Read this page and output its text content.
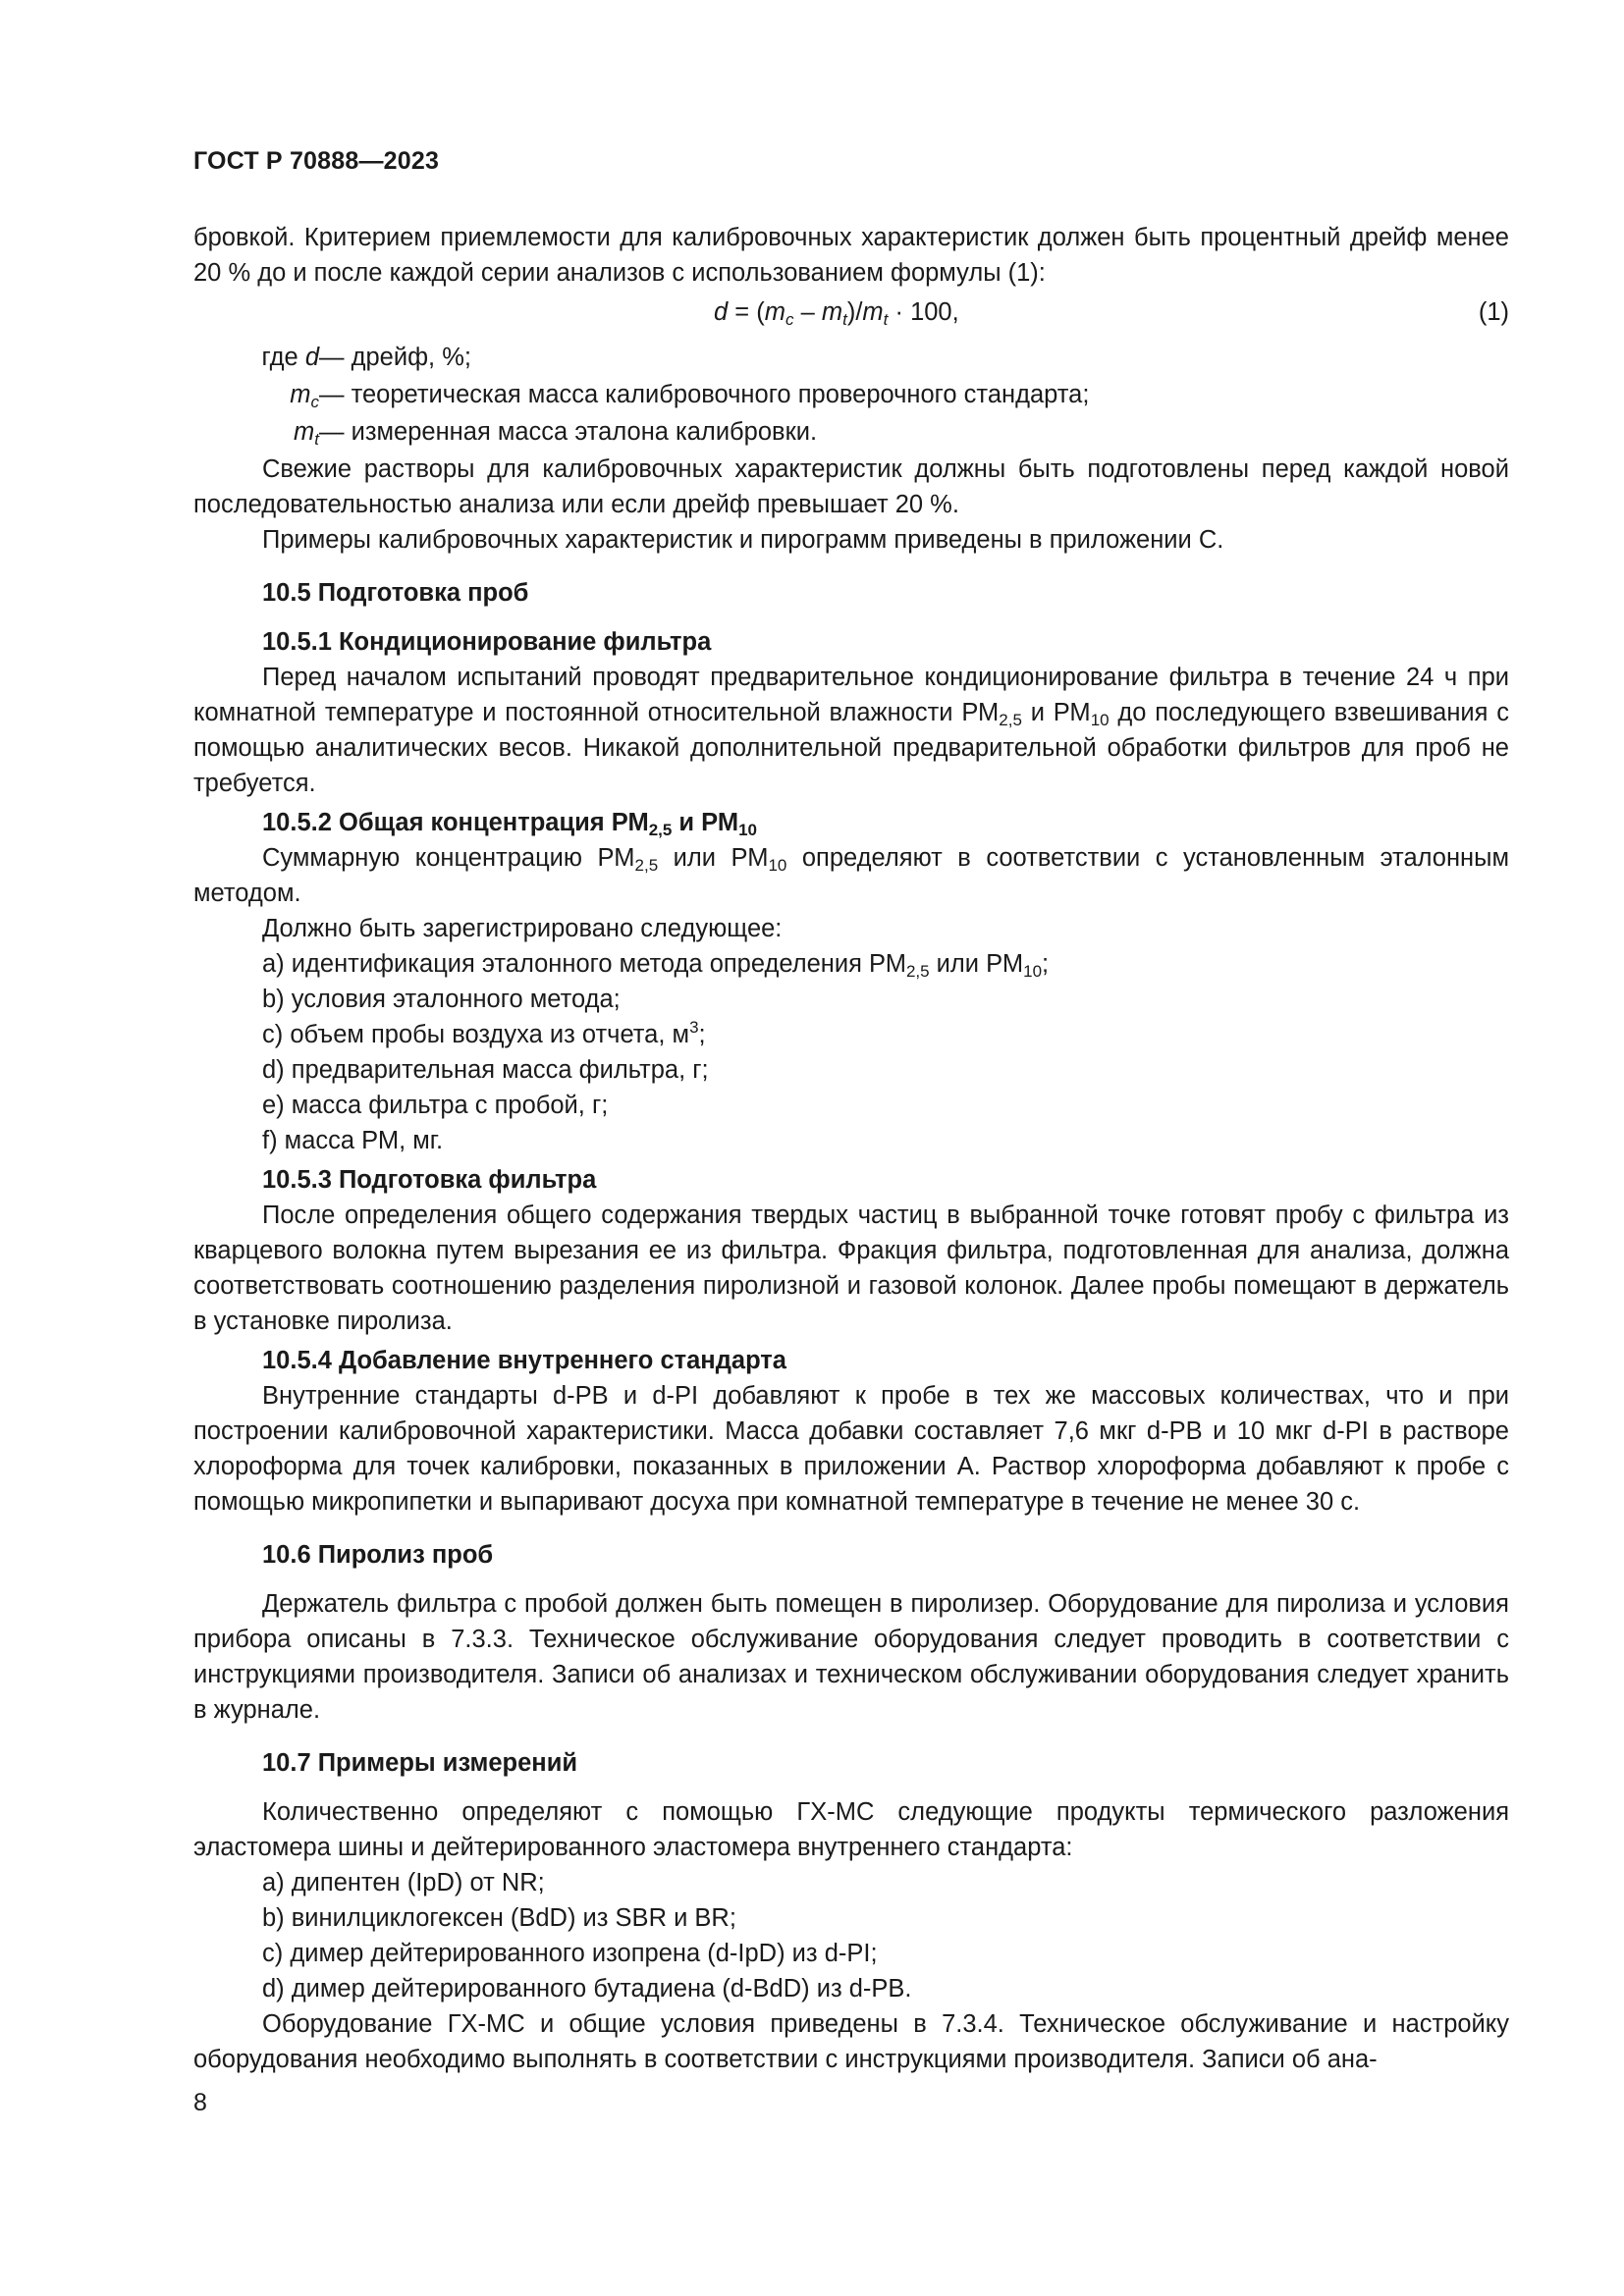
ГОСТ Р 70888—2023

бровкой. Критерием приемлемости для калибровочных характеристик должен быть процентный дрейф менее 20 % до и после каждой серии анализов с использованием формулы (1):

$d = (m_c - m_t)/m_t \cdot 100$,	(1)
где d — дрейф, %;
$m_c$ — теоретическая масса калибровочного проверочного стандарта;
$m_t$ — измеренная масса эталона калибровки.

Свежие растворы для калибровочных характеристик должны быть подготовлены перед каждой новой последовательностью анализа или если дрейф превышает 20 %.

Примеры калибровочных характеристик и пирограмм приведены в приложении С.

10.5 Подготовка проб

10.5.1 Кондиционирование фильтра

Перед началом испытаний проводят предварительное кондиционирование фильтра в течение 24 ч при комнатной температуре и постоянной относительной влажности $РМ_{2,5}$ и $РМ_{10}$ до последующего взвешивания с помощью аналитических весов. Никакой дополнительной предварительной обработки фильтров для проб не требуется.

10.5.2 Общая концентрация $РМ_{2,5}$ и $РМ_{10}$

Суммарную концентрацию $РМ_{2,5}$ или $РМ_{10}$ определяют в соответствии с установленным эталонным методом.

Должно быть зарегистрировано следующее:

a) идентификация эталонного метода определения $РМ_{2,5}$ или $РМ_{10}$;

b) условия эталонного метода;

c) объем пробы воздуха из отчета, $м^3$;

d) предварительная масса фильтра, г;

e) масса фильтра с пробой, г;

f) масса РМ, мг.

10.5.3 Подготовка фильтра

После определения общего содержания твердых частиц в выбранной точке готовят пробу с фильтра из кварцевого волокна путем вырезания ее из фильтра. Фракция фильтра, подготовленная для анализа, должна соответствовать соотношению разделения пиролизной и газовой колонок. Далее пробы помещают в держатель в установке пиролиза.

10.5.4 Добавление внутреннего стандарта

Внутренние стандарты d-PB и d-PI добавляют к пробе в тех же массовых количествах, что и при построении калибровочной характеристики. Масса добавки составляет 7,6 мкг d-PB и 10 мкг d-PI в растворе хлороформа для точек калибровки, показанных в приложении А. Раствор хлороформа добавляют к пробе с помощью микропипетки и выпаривают досуха при комнатной температуре в течение не менее 30 с.

10.6 Пиролиз проб

Держатель фильтра с пробой должен быть помещен в пиролизер. Оборудование для пиролиза и условия прибора описаны в 7.3.3. Техническое обслуживание оборудования следует проводить в соответствии с инструкциями производителя. Записи об анализах и техническом обслуживании оборудования следует хранить в журнале.

10.7 Примеры измерений

Количественно определяют с помощью ГХ-МС следующие продукты термического разложения эластомера шины и дейтерированного эластомера внутреннего стандарта:

a) дипентен (IpD) от NR;

b) винилциклогексен (BdD) из SBR и BR;

c) димер дейтерированного изопрена (d-IpD) из d-PI;

d) димер дейтерированного бутадиена (d-BdD) из d-PB.

Оборудование ГХ-МС и общие условия приведены в 7.3.4. Техническое обслуживание и настройку оборудования необходимо выполнять в соответствии с инструкциями производителя. Записи об ана-

8
